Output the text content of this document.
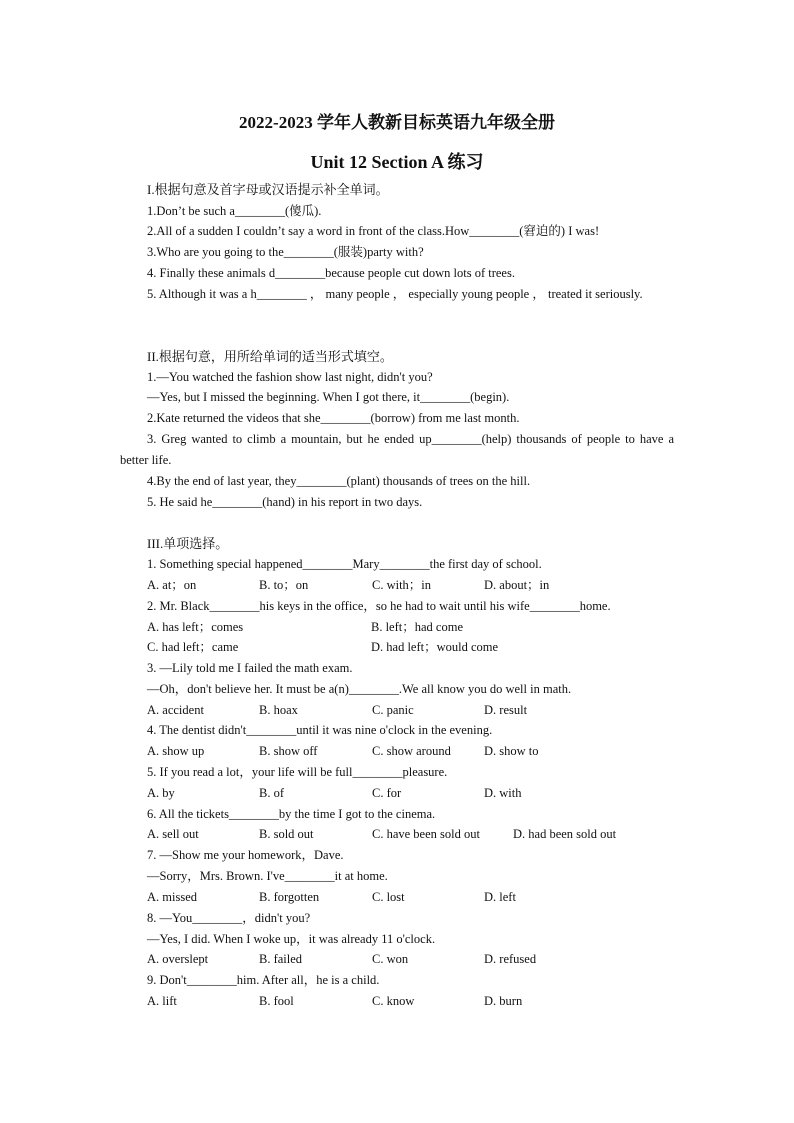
2022-2023 学年人教新目标英语九年级全册
Unit 12 Section A 练习
I.根据句意及首字母或汉语提示补全单词。
1.Don’t be such a________(傻瓜).
2.All of a sudden I couldn’t say a word in front of the class.How________(窘迫的) I was!
3.Who are you going to the________(服装)party with?
4. Finally these animals d________because people cut down lots of trees.
5. Although it was a h________ ， many people ， especially young people ， treated it seriously.
II.根据句意，用所给单词的适当形式填空。
1.—You watched the fashion show last night, didn't you?
—Yes, but I missed the beginning. When I got there, it________(begin).
2.Kate returned the videos that she________(borrow) from me last month.
3. Greg wanted to climb a mountain, but he ended up________(help) thousands of people to have a better life.
4.By the end of last year, they________(plant) thousands of trees on the hill.
5. He said he________(hand) in his report in two days.
III.单项选择。
1. Something special happened________Mary________the first day of school.
A. at；on	B. to；on	C. with；in	D. about；in
2. Mr. Black________his keys in the office，so he had to wait until his wife________home.
A. has left；comes	B. left；had come
C. had left；came	D. had left；would come
3. —Lily told me I failed the math exam.
—Oh，don't believe her. It must be a(n)________.We all know you do well in math.
A. accident	B. hoax	C. panic	D. result
4. The dentist didn't________until it was nine o'clock in the evening.
A. show up	B. show off	C. show around	D. show to
5. If you read a lot，your life will be full________pleasure.
A. by	B. of	C. for	D. with
6. All the tickets________by the time I got to the cinema.
A. sell out	B. sold out	C. have been sold out	D. had been sold out
7. —Show me your homework，Dave.
—Sorry，Mrs. Brown. I've________it at home.
A. missed	B. forgotten	C. lost	D. left
8. —You________，didn't you?
—Yes, I did. When I woke up，it was already 11 o'clock.
A. overslept	B. failed	C. won	D. refused
9. Don't________him. After all，he is a child.
A. lift	B. fool	C. know	D. burn
